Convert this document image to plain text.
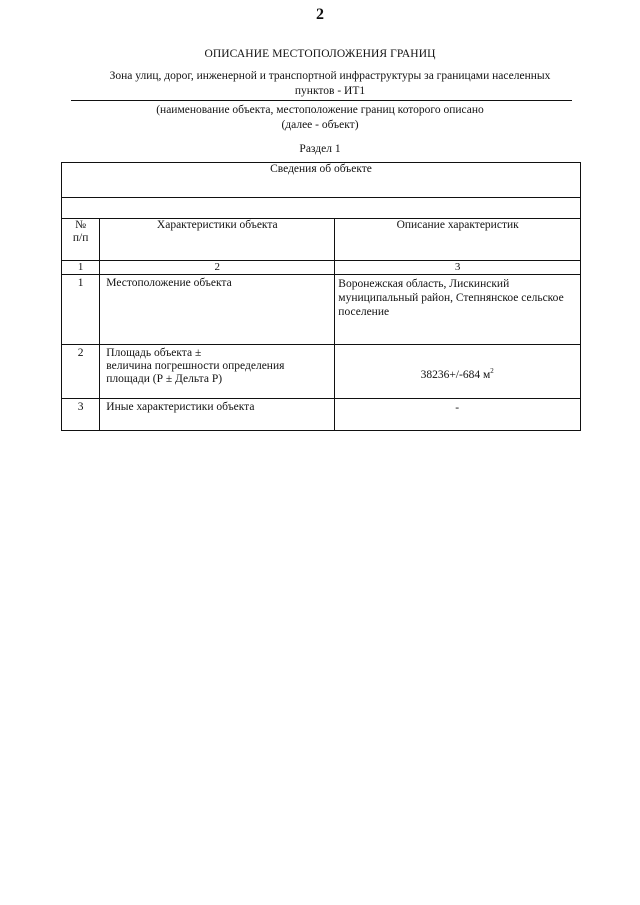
2
ОПИСАНИЕ МЕСТОПОЛОЖЕНИЯ ГРАНИЦ
Зона улиц, дорог, инженерной и транспортной инфраструктуры за границами населенных
пунктов - ИТ1
(наименование объекта, местоположение границ которого описано
(далее - объект)
Раздел 1
Сведения об объекте		

№
п/п	Характеристики объекта	Описание характеристик
1	2	3
1	Местоположение объекта	Воронежская область, Лискинский
муниципальный район, Степнянское сельское
поселение

2	Площадь объекта ±
величина погрешности определения
площади (Р ± Дельта Р)	38236+/-684 $м^2$
3	Иные характеристики объекта	-
